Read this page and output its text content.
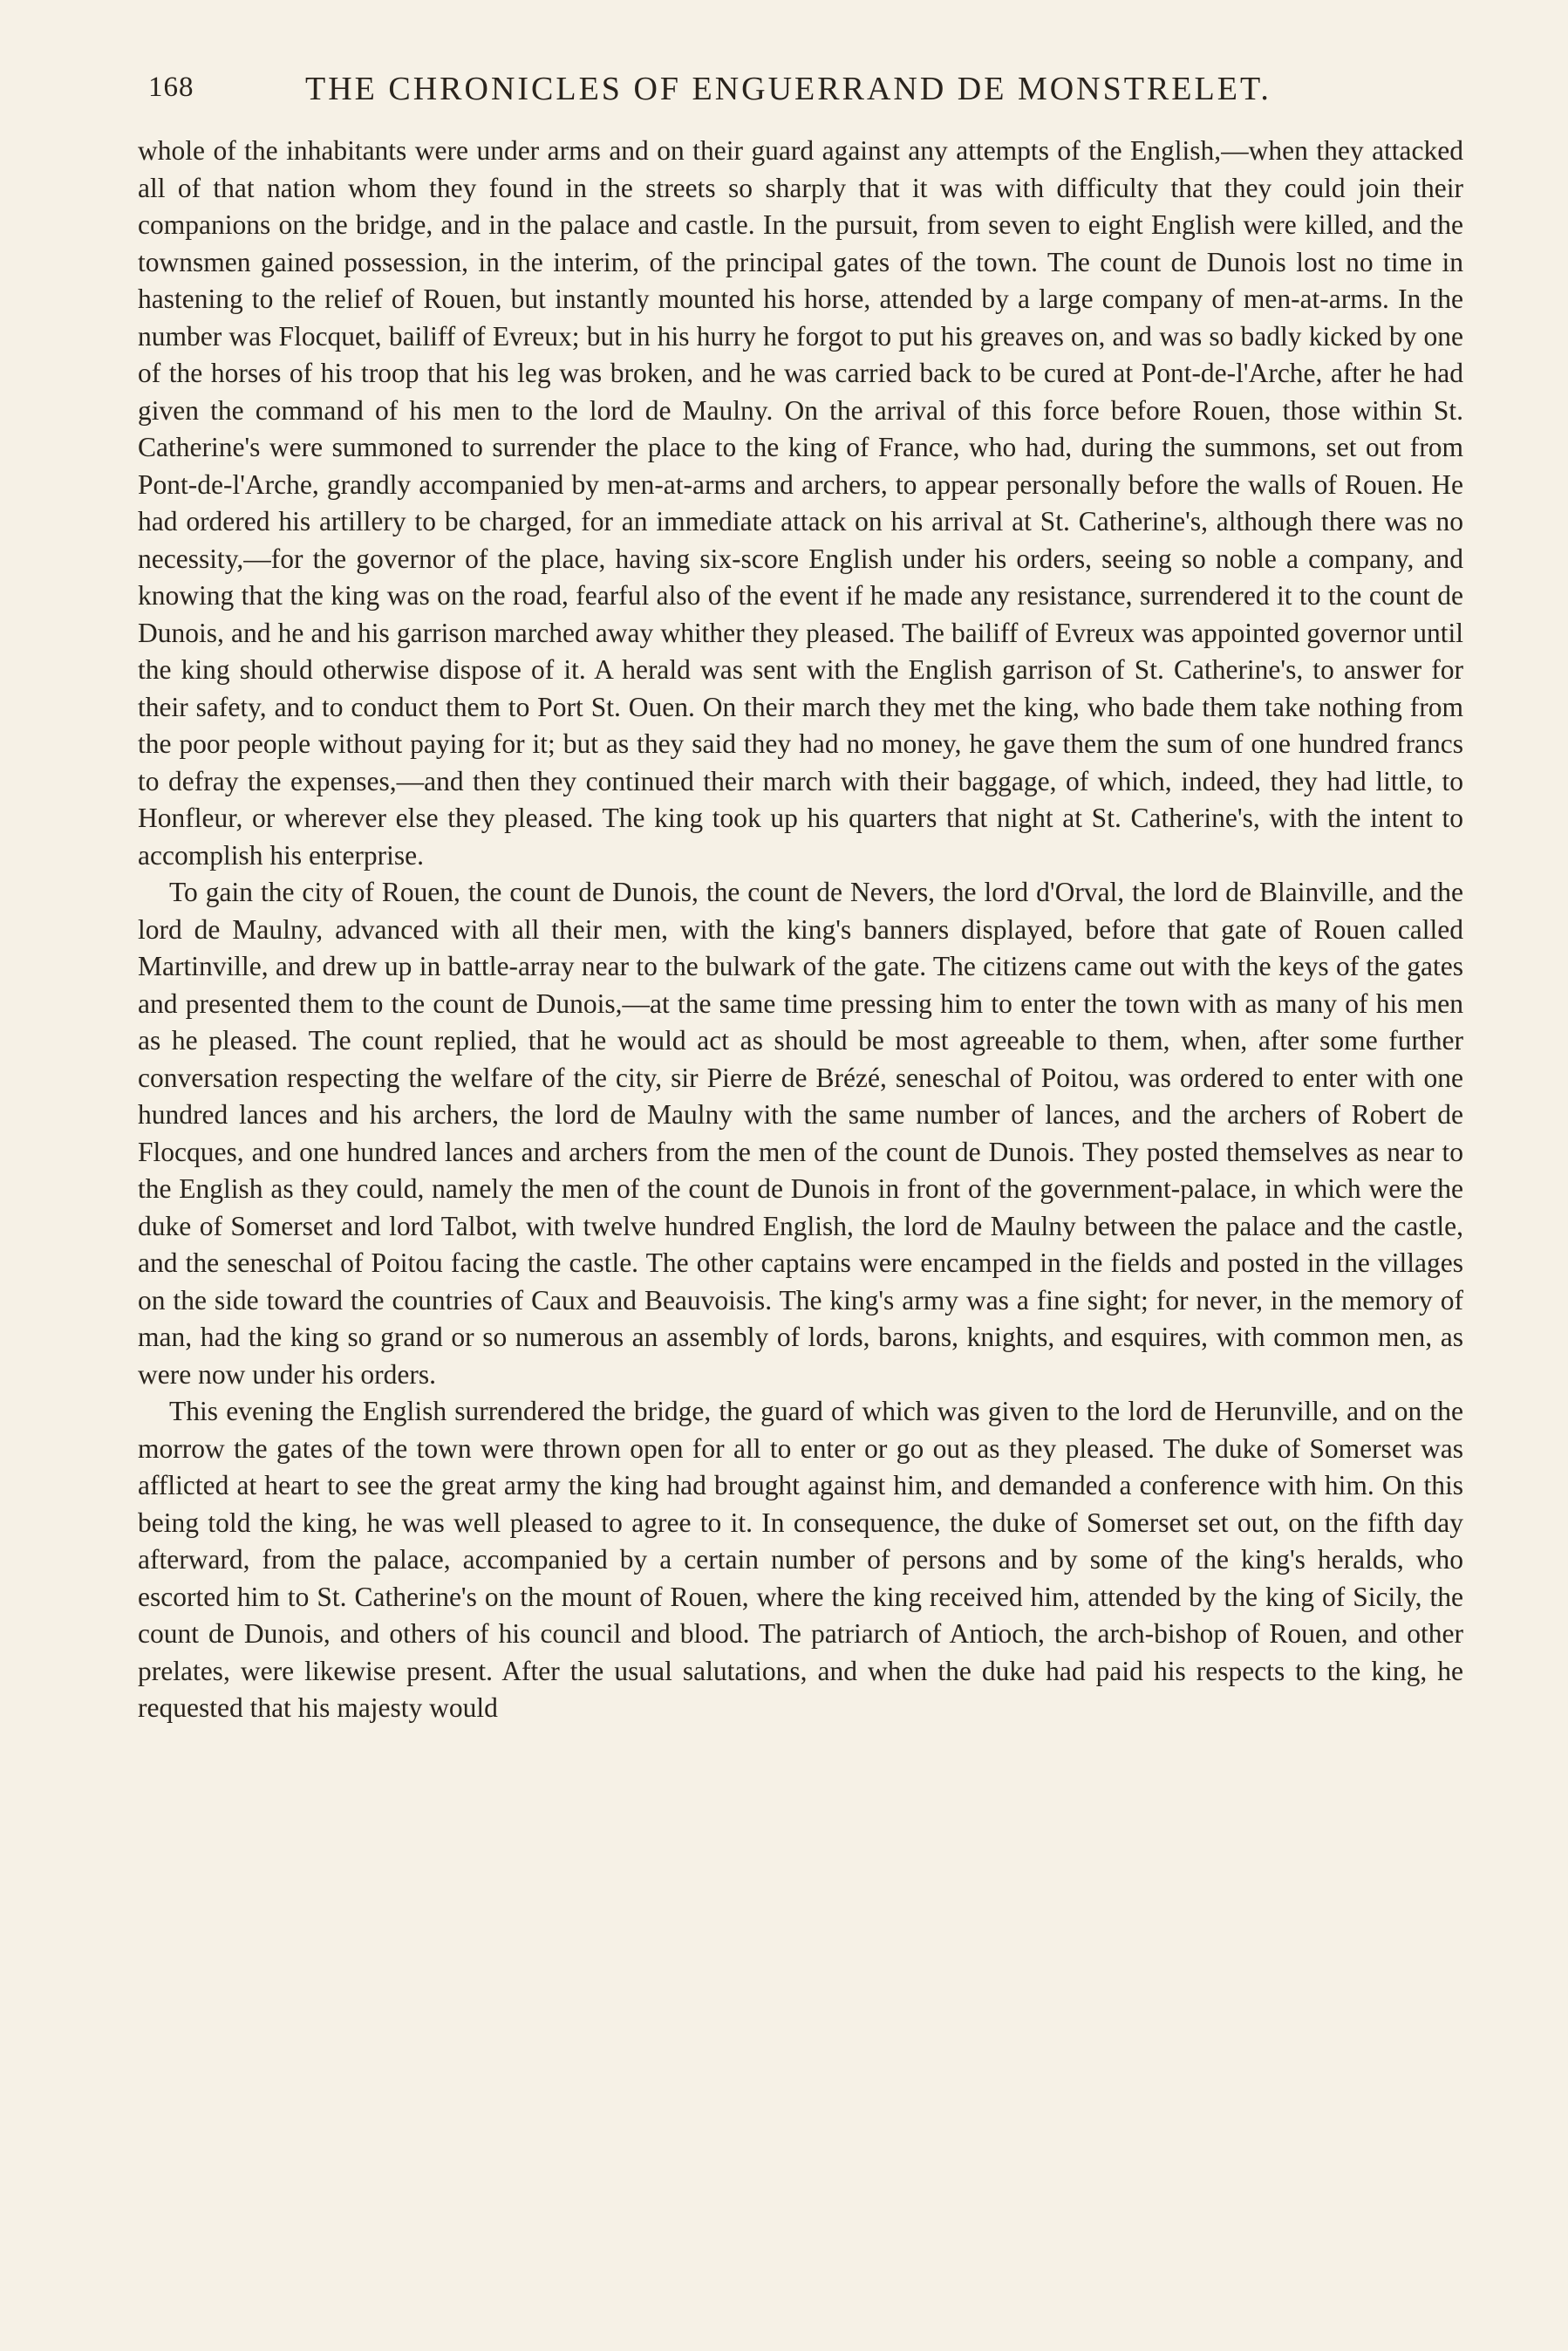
168	THE CHRONICLES OF ENGUERRAND DE MONSTRELET.

whole of the inhabitants were under arms and on their guard against any attempts of the English,—when they attacked all of that nation whom they found in the streets so sharply that it was with difficulty that they could join their companions on the bridge, and in the palace and castle. In the pursuit, from seven to eight English were killed, and the townsmen gained possession, in the interim, of the principal gates of the town. The count de Dunois lost no time in hastening to the relief of Rouen, but instantly mounted his horse, attended by a large company of men-at-arms. In the number was Flocquet, bailiff of Evreux; but in his hurry he forgot to put his greaves on, and was so badly kicked by one of the horses of his troop that his leg was broken, and he was carried back to be cured at Pont-de-l'Arche, after he had given the command of his men to the lord de Maulny. On the arrival of this force before Rouen, those within St. Catherine's were summoned to surrender the place to the king of France, who had, during the summons, set out from Pont-de-l'Arche, grandly accompanied by men-at-arms and archers, to appear personally before the walls of Rouen. He had ordered his artillery to be charged, for an immediate attack on his arrival at St. Catherine's, although there was no necessity,—for the governor of the place, having six-score English under his orders, seeing so noble a company, and knowing that the king was on the road, fearful also of the event if he made any resistance, surrendered it to the count de Dunois, and he and his garrison marched away whither they pleased. The bailiff of Evreux was appointed governor until the king should otherwise dispose of it. A herald was sent with the English garrison of St. Catherine's, to answer for their safety, and to conduct them to Port St. Ouen. On their march they met the king, who bade them take nothing from the poor people without paying for it; but as they said they had no money, he gave them the sum of one hundred francs to defray the expenses,—and then they continued their march with their baggage, of which, indeed, they had little, to Honfleur, or wherever else they pleased. The king took up his quarters that night at St. Catherine's, with the intent to accomplish his enterprise.

To gain the city of Rouen, the count de Dunois, the count de Nevers, the lord d'Orval, the lord de Blainville, and the lord de Maulny, advanced with all their men, with the king's banners displayed, before that gate of Rouen called Martinville, and drew up in battle-array near to the bulwark of the gate. The citizens came out with the keys of the gates and presented them to the count de Dunois,—at the same time pressing him to enter the town with as many of his men as he pleased. The count replied, that he would act as should be most agreeable to them, when, after some further conversation respecting the welfare of the city, sir Pierre de Brézé, seneschal of Poitou, was ordered to enter with one hundred lances and his archers, the lord de Maulny with the same number of lances, and the archers of Robert de Flocques, and one hundred lances and archers from the men of the count de Dunois. They posted themselves as near to the English as they could, namely the men of the count de Dunois in front of the government-palace, in which were the duke of Somerset and lord Talbot, with twelve hundred English, the lord de Maulny between the palace and the castle, and the seneschal of Poitou facing the castle. The other captains were encamped in the fields and posted in the villages on the side toward the countries of Caux and Beauvoisis. The king's army was a fine sight; for never, in the memory of man, had the king so grand or so numerous an assembly of lords, barons, knights, and esquires, with common men, as were now under his orders.

This evening the English surrendered the bridge, the guard of which was given to the lord de Herunville, and on the morrow the gates of the town were thrown open for all to enter or go out as they pleased. The duke of Somerset was afflicted at heart to see the great army the king had brought against him, and demanded a conference with him. On this being told the king, he was well pleased to agree to it. In consequence, the duke of Somerset set out, on the fifth day afterward, from the palace, accompanied by a certain number of persons and by some of the king's heralds, who escorted him to St. Catherine's on the mount of Rouen, where the king received him, attended by the king of Sicily, the count de Dunois, and others of his council and blood. The patriarch of Antioch, the arch-bishop of Rouen, and other prelates, were likewise present. After the usual salutations, and when the duke had paid his respects to the king, he requested that his majesty would
